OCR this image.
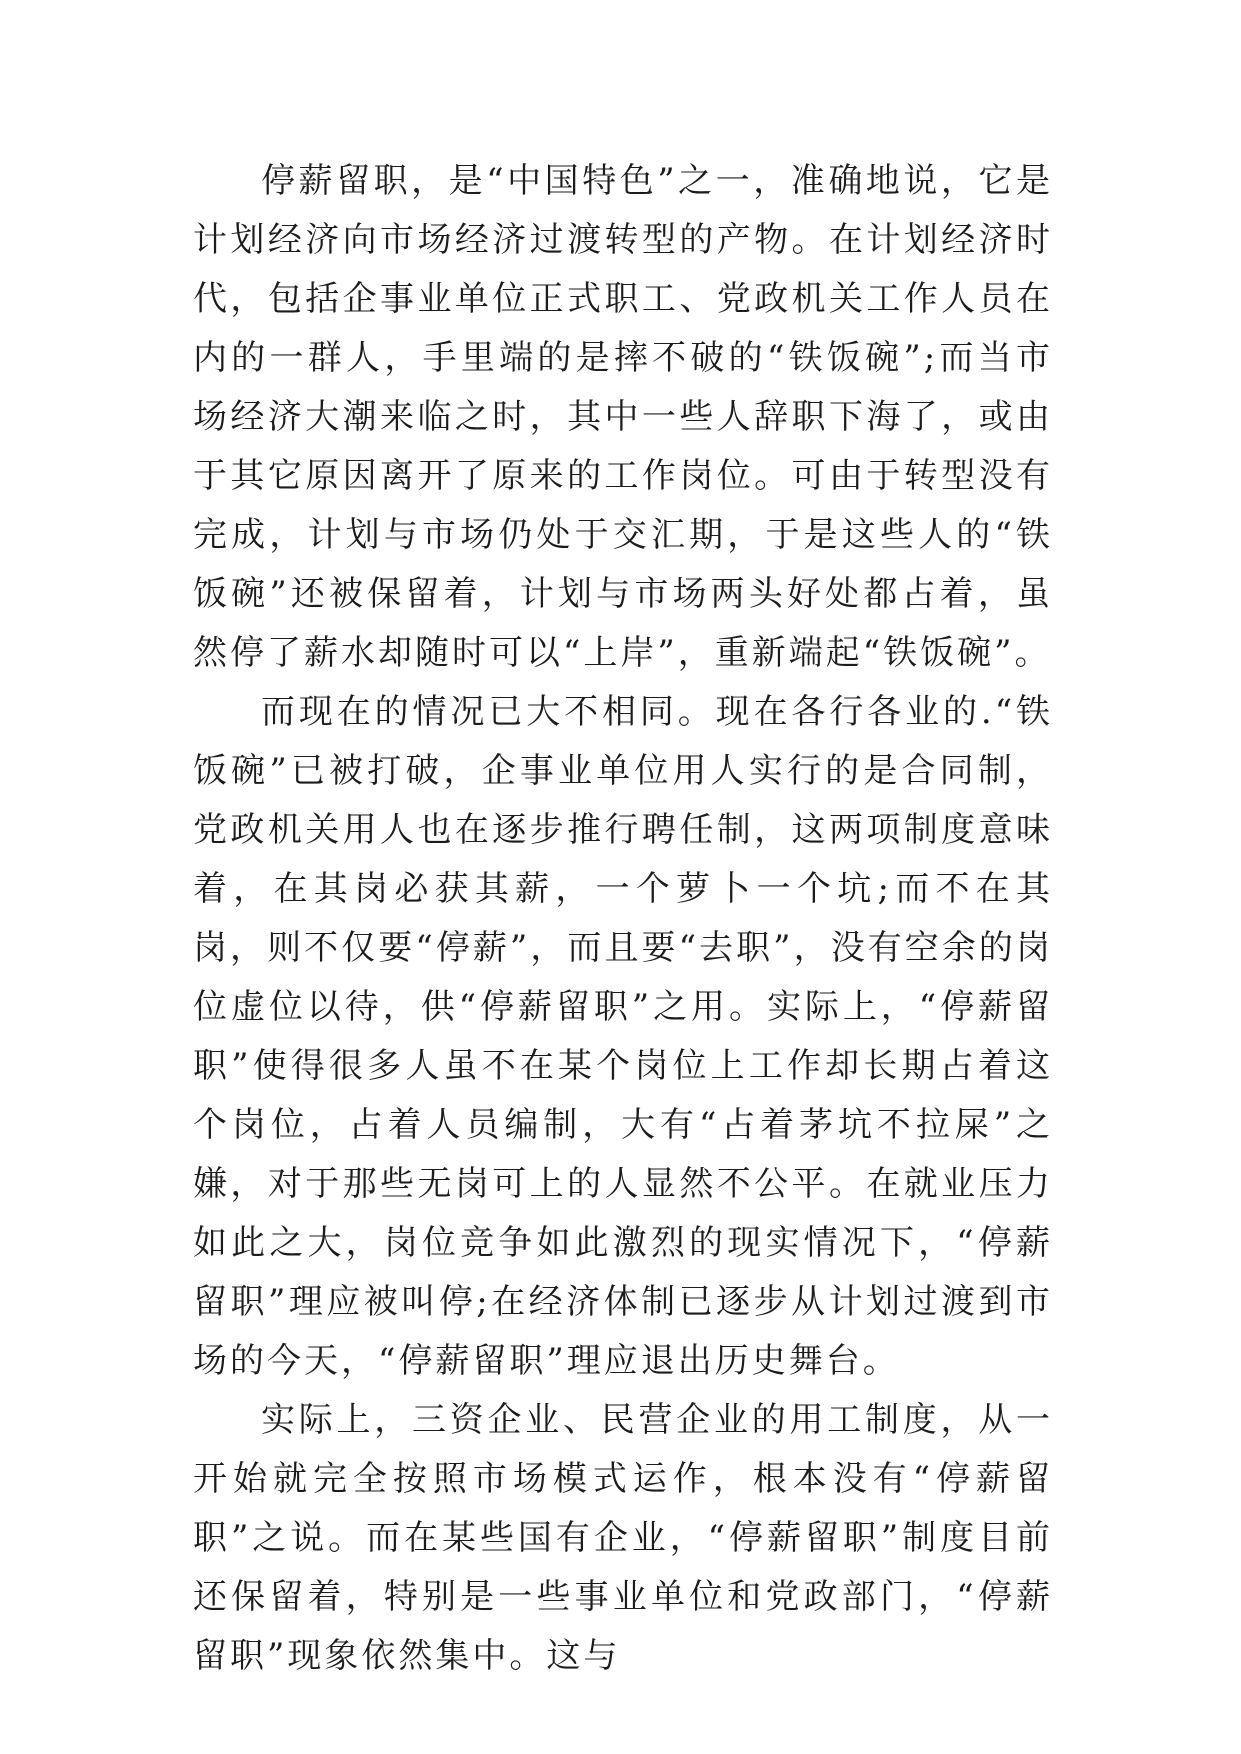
停薪留职，是“中国特色”之一，准确地说，它是计划经济向市场经济过渡转型的产物。在计划经济时代，包括企事业单位正式职工、党政机关工作人员在内的一群人，手里端的是摔不破的“铁饭碗”;而当市场经济大潮来临之时，其中一些人辞职下海了，或由于其它原因离开了原来的工作岗位。可由于转型没有完成，计划与市场仍处于交汇期，于是这些人的“铁饭碗”还被保留着，计划与市场两头好处都占着，虽然停了薪水却随时可以“上岸”，重新端起“铁饭碗”。

而现在的情况已大不相同。现在各行各业的.“铁饭碗”已被打破，企事业单位用人实行的是合同制，党政机关用人也在逐步推行聘任制，这两项制度意味着，在其岗必获其薪，一个萝卜一个坑;而不在其岗，则不仅要“停薪”，而且要“去职”，没有空余的岗位虚位以待，供“停薪留职”之用。实际上，“停薪留职”使得很多人虽不在某个岗位上工作却长期占着这个岗位，占着人员编制，大有“占着茅坑不拉屎”之嫌，对于那些无岗可上的人显然不公平。在就业压力如此之大，岗位竞争如此激烈的现实情况下，“停薪留职”理应被叫停;在经济体制已逐步从计划过渡到市场的今天，“停薪留职”理应退出历史舞台。

实际上，三资企业、民营企业的用工制度，从一开始就完全按照市场模式运作，根本没有“停薪留职”之说。而在某些国有企业，“停薪留职”制度目前还保留着，特别是一些事业单位和党政部门，“停薪留职”现象依然集中。这与
